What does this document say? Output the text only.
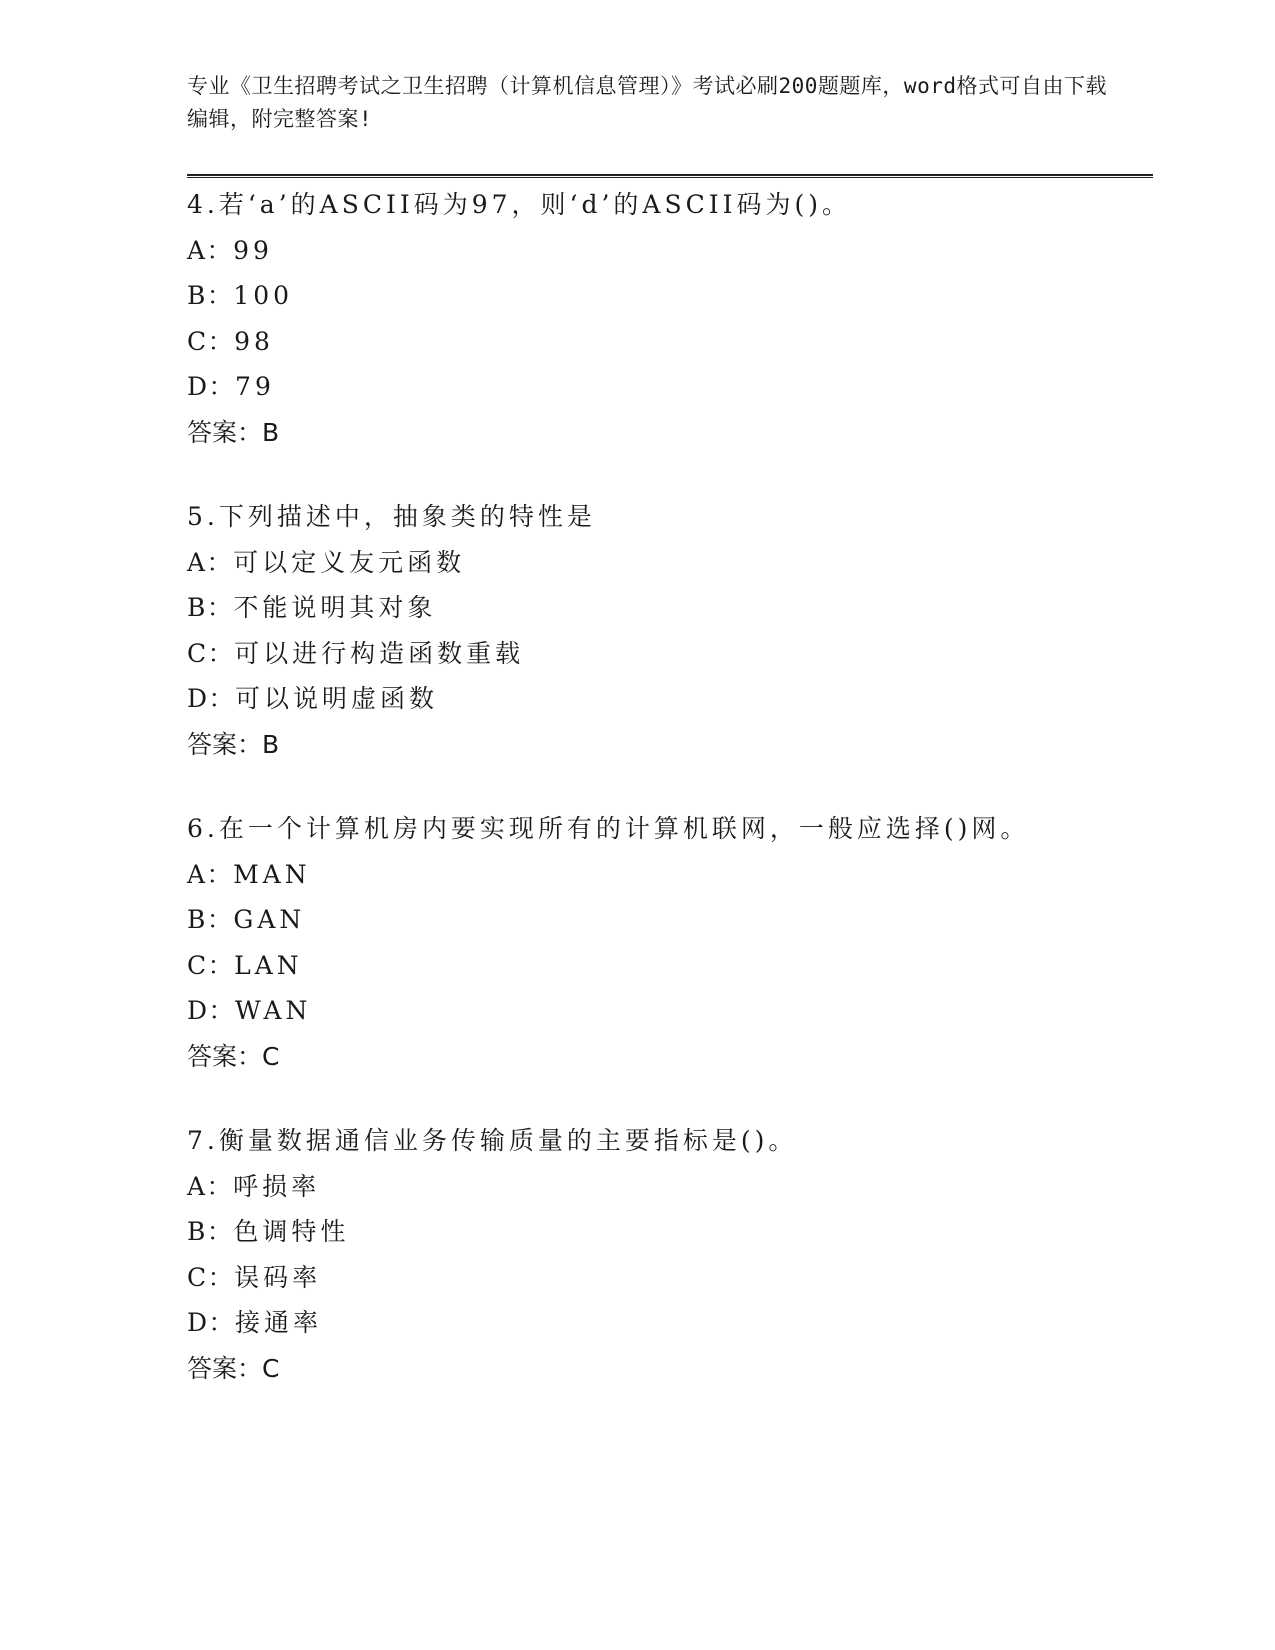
专业《卫生招聘考试之卫生招聘（计算机信息管理）》考试必刷200题题库，word格式可自由下载编辑，附完整答案!
4.若‘a’的ASCII码为97，则‘d’的ASCII码为()。
A：99
B：100
C：98
D：79
答案：B
5.下列描述中，抽象类的特性是
A：可以定义友元函数
B：不能说明其对象
C：可以进行构造函数重载
D：可以说明虚函数
答案：B
6.在一个计算机房内要实现所有的计算机联网，一般应选择()网。
A：MAN
B：GAN
C：LAN
D：WAN
答案：C
7.衡量数据通信业务传输质量的主要指标是()。
A：呼损率
B：色调特性
C：误码率
D：接通率
答案：C
